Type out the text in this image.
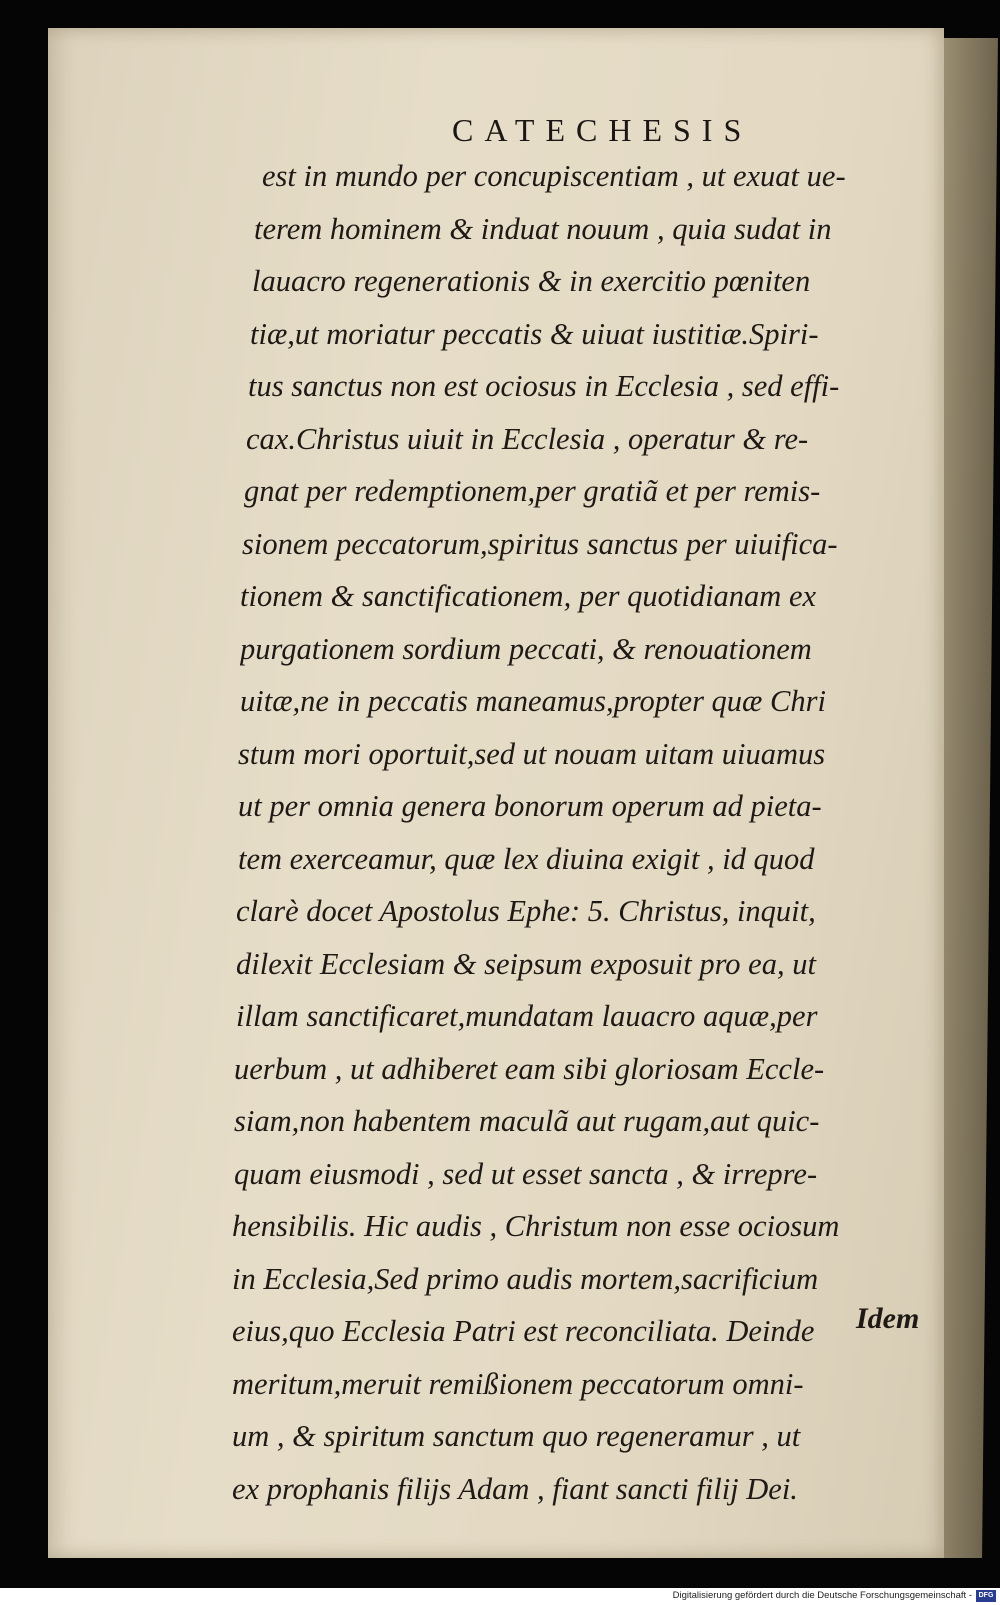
CATECHESIS
est in mundo per concupiscentiam , ut exuat ue-
terem hominem & induat nouum , quia sudat in
lauacro regenerationis & in exercitio pœniten
tiæ,ut moriatur peccatis & uiuat iustitiæ.Spiri-
tus sanctus non est ociosus in Ecclesia , sed effi-
cax.Christus uiuit in Ecclesia , operatur & re-
gnat per redemptionem,per gratiã et per remis-
sionem peccatorum,spiritus sanctus per uiuifica-
tionem & sanctificationem, per quotidianam ex
purgationem sordium peccati, & renouationem
uitæ,ne in peccatis maneamus,propter quæ Chri
stum mori oportuit,sed ut nouam uitam uiuamus
ut per omnia genera bonorum operum ad pieta-
tem exerceamur, quæ lex diuina exigit , id quod
clarè docet Apostolus Ephe: 5. Christus, inquit,
dilexit Ecclesiam & seipsum exposuit pro ea, ut
illam sanctificaret,mundatam lauacro aquæ,per
uerbum , ut adhiberet eam sibi gloriosam Eccle-
siam,non habentem maculã aut rugam,aut quic-
quam eiusmodi , sed ut esset sancta , & irrepre-
hensibilis. Hic audis , Christum non esse ociosum
in Ecclesia,Sed primo audis mortem,sacrificium
eius,quo Ecclesia Patri est reconciliata. Deinde
meritum,meruit remißionem peccatorum omni-
um , & spiritum sanctum quo regeneramur , ut
ex prophanis filijs Adam , fiant sancti filij Dei.
Idem
Digitalisierung gefördert durch die Deutsche Forschungsgemeinschaft - DFG
